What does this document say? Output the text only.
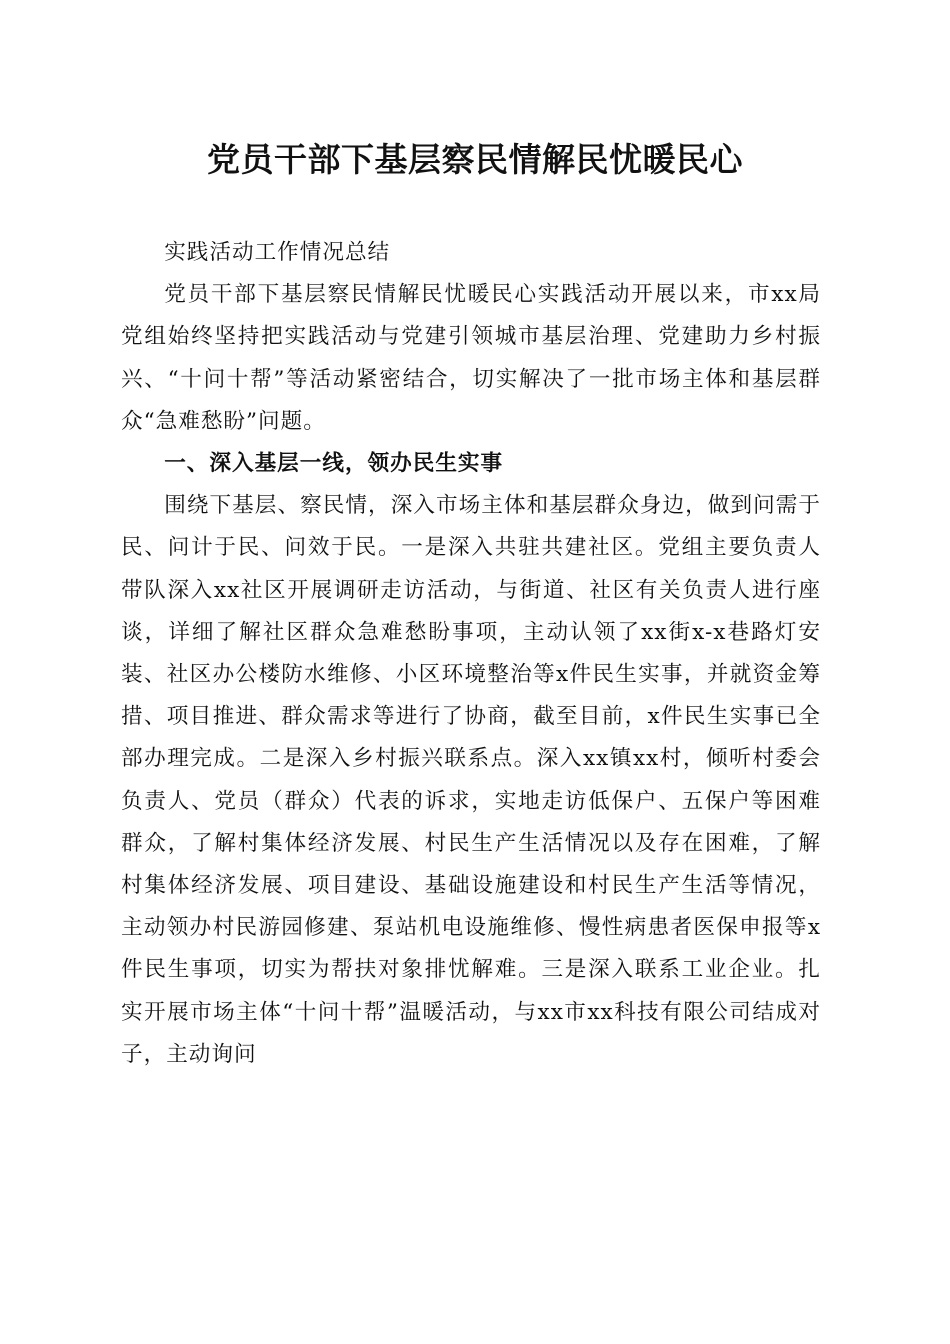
党员干部下基层察民情解民忧暖民心

实践活动工作情况总结

党员干部下基层察民情解民忧暖民心实践活动开展以来，市xx局党组始终坚持把实践活动与党建引领城市基层治理、党建助力乡村振兴、“十问十帮”等活动紧密结合，切实解决了一批市场主体和基层群众“急难愁盼”问题。

一、深入基层一线，领办民生实事

围绕下基层、察民情，深入市场主体和基层群众身边，做到问需于民、问计于民、问效于民。一是深入共驻共建社区。党组主要负责人带队深入xx社区开展调研走访活动，与街道、社区有关负责人进行座谈，详细了解社区群众急难愁盼事项，主动认领了xx街x-x巷路灯安装、社区办公楼防水维修、小区环境整治等x件民生实事，并就资金筹措、项目推进、群众需求等进行了协商，截至目前，x件民生实事已全部办理完成。二是深入乡村振兴联系点。深入xx镇xx村，倾听村委会负责人、党员（群众）代表的诉求，实地走访低保户、五保户等困难群众，了解村集体经济发展、村民生产生活情况以及存在困难，了解村集体经济发展、项目建设、基础设施建设和村民生产生活等情况，主动领办村民游园修建、泵站机电设施维修、慢性病患者医保申报等x件民生事项，切实为帮扶对象排忧解难。三是深入联系工业企业。扎实开展市场主体“十问十帮”温暖活动，与xx市xx科技有限公司结成对子，主动询问
